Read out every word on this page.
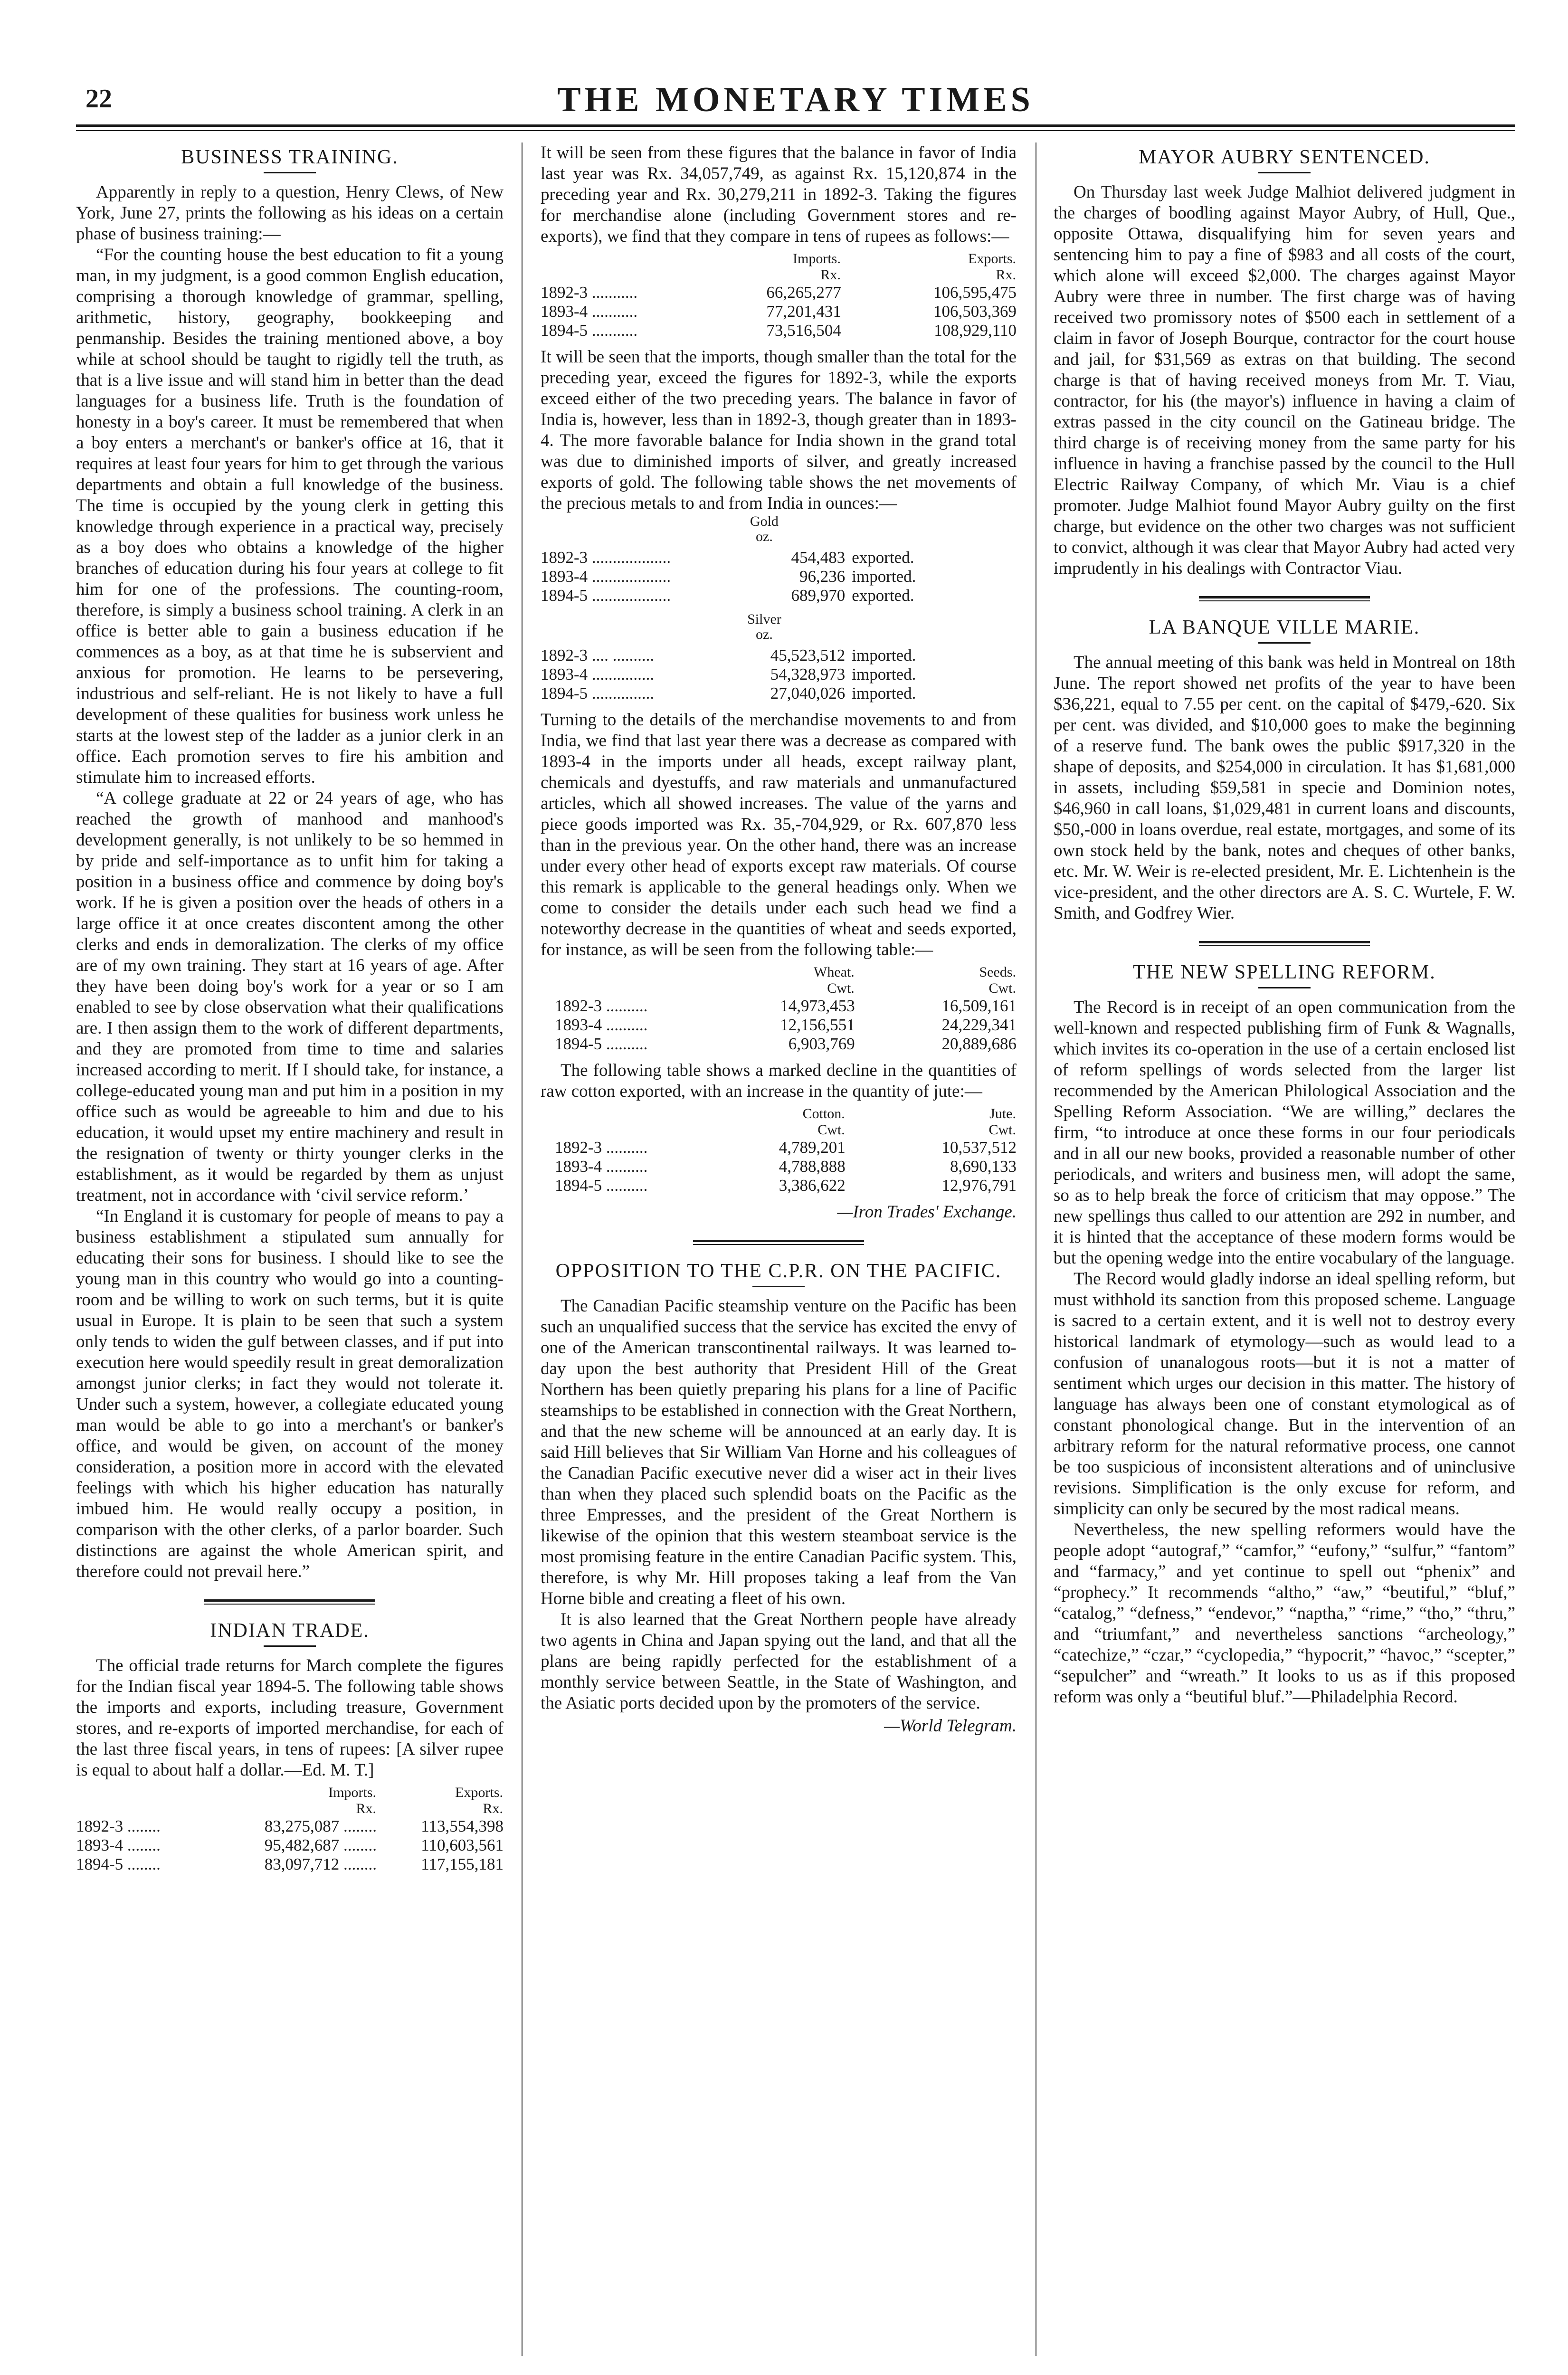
22	THE MONETARY TIMES
BUSINESS TRAINING.

Apparently in reply to a question, Henry Clews, of New York, June 27, prints the following as his ideas on a certain phase of business training:—

“For the counting house the best education to fit a young man, in my judgment, is a good common English education, comprising a thorough knowledge of grammar, spelling, arithmetic, history, geography, bookkeeping and penmanship. Besides the training mentioned above, a boy while at school should be taught to rigidly tell the truth, as that is a live issue and will stand him in better than the dead languages for a business life. Truth is the foundation of honesty in a boy's career. It must be remembered that when a boy enters a merchant's or banker's office at 16, that it requires at least four years for him to get through the various departments and obtain a full knowledge of the business. The time is occupied by the young clerk in getting this knowledge through experience in a practical way, precisely as a boy does who obtains a knowledge of the higher branches of education during his four years at college to fit him for one of the professions. The counting-room, therefore, is simply a business school training. A clerk in an office is better able to gain a business education if he commences as a boy, as at that time he is subservient and anxious for promotion. He learns to be persevering, industrious and self-reliant. He is not likely to have a full development of these qualities for business work unless he starts at the lowest step of the ladder as a junior clerk in an office. Each promotion serves to fire his ambition and stimulate him to increased efforts.

“A college graduate at 22 or 24 years of age, who has reached the growth of manhood and manhood's development generally, is not unlikely to be so hemmed in by pride and self-importance as to unfit him for taking a position in a business office and commence by doing boy's work. If he is given a position over the heads of others in a large office it at once creates discontent among the other clerks and ends in demoralization. The clerks of my office are of my own training. They start at 16 years of age. After they have been doing boy's work for a year or so I am enabled to see by close observation what their qualifications are. I then assign them to the work of different departments, and they are promoted from time to time and salaries increased according to merit. If I should take, for instance, a college-educated young man and put him in a position in my office such as would be agreeable to him and due to his education, it would upset my entire machinery and result in the resignation of twenty or thirty younger clerks in the establishment, as it would be regarded by them as unjust treatment, not in accordance with ‘civil service reform.’

“In England it is customary for people of means to pay a business establishment a stipulated sum annually for educating their sons for business. I should like to see the young man in this country who would go into a counting-room and be willing to work on such terms, but it is quite usual in Europe. It is plain to be seen that such a system only tends to widen the gulf between classes, and if put into execution here would speedily result in great demoralization amongst junior clerks; in fact they would not tolerate it. Under such a system, however, a collegiate educated young man would be able to go into a merchant's or banker's office, and would be given, on account of the money consideration, a position more in accord with the elevated feelings with which his higher education has naturally imbued him. He would really occupy a position, in comparison with the other clerks, of a parlor boarder. Such distinctions are against the whole American spirit, and therefore could not prevail here.”

INDIAN TRADE.

The official trade returns for March complete the figures for the Indian fiscal year 1894-5. The following table shows the imports and exports, including treasure, Government stores, and re-exports of imported merchandise, for each of the last three fiscal years, in tens of rupees: [A silver rupee is equal to about half a dollar.—Ed. M. T.]

	Imports.	Exports.
	Rx.	Rx.
1892-3 ........	83,275,087 ........	113,554,398
1893-4 ........	95,482,687 ........	110,603,561
1894-5 ........	83,097,712 ........	117,155,181

It will be seen from these figures that the balance in favor of India last year was Rx. 34,057,749, as against Rx. 15,120,874 in the preceding year and Rx. 30,279,211 in 1892-3. Taking the figures for merchandise alone (including Government stores and re-exports), we find that they compare in tens of rupees as follows:—

	Imports.	Exports.
	Rx.	Rx.
1892-3 ...........	66,265,277	106,595,475
1893-4 ...........	77,201,431	106,503,369
1894-5 ...........	73,516,504	108,929,110

It will be seen that the imports, though smaller than the total for the preceding year, exceed the figures for 1892-3, while the exports exceed either of the two preceding years. The balance in favor of India is, however, less than in 1892-3, though greater than in 1893-4. The more favorable balance for India shown in the grand total was due to diminished imports of silver, and greatly increased exports of gold. The following table shows the net movements of the precious metals to and from India in ounces:—

Gold
oz.
1892-3 ...................	454,483	exported.
1893-4 ...................	96,236	imported.
1894-5 ...................	689,970	exported.
Silver
oz.
1892-3 .... ..........	45,523,512	imported.
1893-4 ...............	54,328,973	imported.
1894-5 ...............	27,040,026	imported.

Turning to the details of the merchandise movements to and from India, we find that last year there was a decrease as compared with 1893-4 in the imports under all heads, except railway plant, chemicals and dyestuffs, and raw materials and unmanufactured articles, which all showed increases. The value of the yarns and piece goods imported was Rx. 35,-704,929, or Rx. 607,870 less than in the previous year. On the other hand, there was an increase under every other head of exports except raw materials. Of course this remark is applicable to the general headings only. When we come to consider the details under each such head we find a noteworthy decrease in the quantities of wheat and seeds exported, for instance, as will be seen from the following table:—

	Wheat.	Seeds.
	Cwt.	Cwt.
1892-3 ..........	14,973,453	16,509,161
1893-4 ..........	12,156,551	24,229,341
1894-5 ..........	6,903,769	20,889,686

The following table shows a marked decline in the quantities of raw cotton exported, with an increase in the quantity of jute:—

	Cotton.	Jute.
	Cwt.	Cwt.
1892-3 ..........	4,789,201	10,537,512
1893-4 ..........	4,788,888	8,690,133
1894-5 ..........	3,386,622	12,976,791

—Iron Trades' Exchange.

OPPOSITION TO THE C.P.R. ON THE PACIFIC.

The Canadian Pacific steamship venture on the Pacific has been such an unqualified success that the service has excited the envy of one of the American transcontinental railways. It was learned to-day upon the best authority that President Hill of the Great Northern has been quietly preparing his plans for a line of Pacific steamships to be established in connection with the Great Northern, and that the new scheme will be announced at an early day. It is said Hill believes that Sir William Van Horne and his colleagues of the Canadian Pacific executive never did a wiser act in their lives than when they placed such splendid boats on the Pacific as the three Empresses, and the president of the Great Northern is likewise of the opinion that this western steamboat service is the most promising feature in the entire Canadian Pacific system. This, therefore, is why Mr. Hill proposes taking a leaf from the Van Horne bible and creating a fleet of his own.

It is also learned that the Great Northern people have already two agents in China and Japan spying out the land, and that all the plans are being rapidly perfected for the establishment of a monthly service between Seattle, in the State of Washington, and the Asiatic ports decided upon by the promoters of the service.

—World Telegram.

MAYOR AUBRY SENTENCED.

On Thursday last week Judge Malhiot delivered judgment in the charges of boodling against Mayor Aubry, of Hull, Que., opposite Ottawa, disqualifying him for seven years and sentencing him to pay a fine of $983 and all costs of the court, which alone will exceed $2,000. The charges against Mayor Aubry were three in number. The first charge was of having received two promissory notes of $500 each in settlement of a claim in favor of Joseph Bourque, contractor for the court house and jail, for $31,569 as extras on that building. The second charge is that of having received moneys from Mr. T. Viau, contractor, for his (the mayor's) influence in having a claim of extras passed in the city council on the Gatineau bridge. The third charge is of receiving money from the same party for his influence in having a franchise passed by the council to the Hull Electric Railway Company, of which Mr. Viau is a chief promoter. Judge Malhiot found Mayor Aubry guilty on the first charge, but evidence on the other two charges was not sufficient to convict, although it was clear that Mayor Aubry had acted very imprudently in his dealings with Contractor Viau.

LA BANQUE VILLE MARIE.

The annual meeting of this bank was held in Montreal on 18th June. The report showed net profits of the year to have been $36,221, equal to 7.55 per cent. on the capital of $479,-620. Six per cent. was divided, and $10,000 goes to make the beginning of a reserve fund. The bank owes the public $917,320 in the shape of deposits, and $254,000 in circulation. It has $1,681,000 in assets, including $59,581 in specie and Dominion notes, $46,960 in call loans, $1,029,481 in current loans and discounts, $50,-000 in loans overdue, real estate, mortgages, and some of its own stock held by the bank, notes and cheques of other banks, etc. Mr. W. Weir is re-elected president, Mr. E. Lichtenhein is the vice-president, and the other directors are A. S. C. Wurtele, F. W. Smith, and Godfrey Wier.

THE NEW SPELLING REFORM.

The Record is in receipt of an open communication from the well-known and respected publishing firm of Funk & Wagnalls, which invites its co-operation in the use of a certain enclosed list of reform spellings of words selected from the larger list recommended by the American Philological Association and the Spelling Reform Association. “We are willing,” declares the firm, “to introduce at once these forms in our four periodicals and in all our new books, provided a reasonable number of other periodicals, and writers and business men, will adopt the same, so as to help break the force of criticism that may oppose.” The new spellings thus called to our attention are 292 in number, and it is hinted that the acceptance of these modern forms would be but the opening wedge into the entire vocabulary of the language.

The Record would gladly indorse an ideal spelling reform, but must withhold its sanction from this proposed scheme. Language is sacred to a certain extent, and it is well not to destroy every historical landmark of etymology—such as would lead to a confusion of unanalogous roots—but it is not a matter of sentiment which urges our decision in this matter. The history of language has always been one of constant etymological as of constant phonological change. But in the intervention of an arbitrary reform for the natural reformative process, one cannot be too suspicious of inconsistent alterations and of uninclusive revisions. Simplification is the only excuse for reform, and simplicity can only be secured by the most radical means.

Nevertheless, the new spelling reformers would have the people adopt “autograf,” “camfor,” “eufony,” “sulfur,” “fantom” and “farmacy,” and yet continue to spell out “phenix” and “prophecy.” It recommends “altho,” “aw,” “beutiful,” “bluf,” “catalog,” “defness,” “endevor,” “naptha,” “rime,” “tho,” “thru,” and “triumfant,” and nevertheless sanctions “archeology,” “catechize,” “czar,” “cyclopedia,” “hypocrit,” “havoc,” “scepter,” “sepulcher” and “wreath.” It looks to us as if this proposed reform was only a “beutiful bluf.”—Philadelphia Record.
